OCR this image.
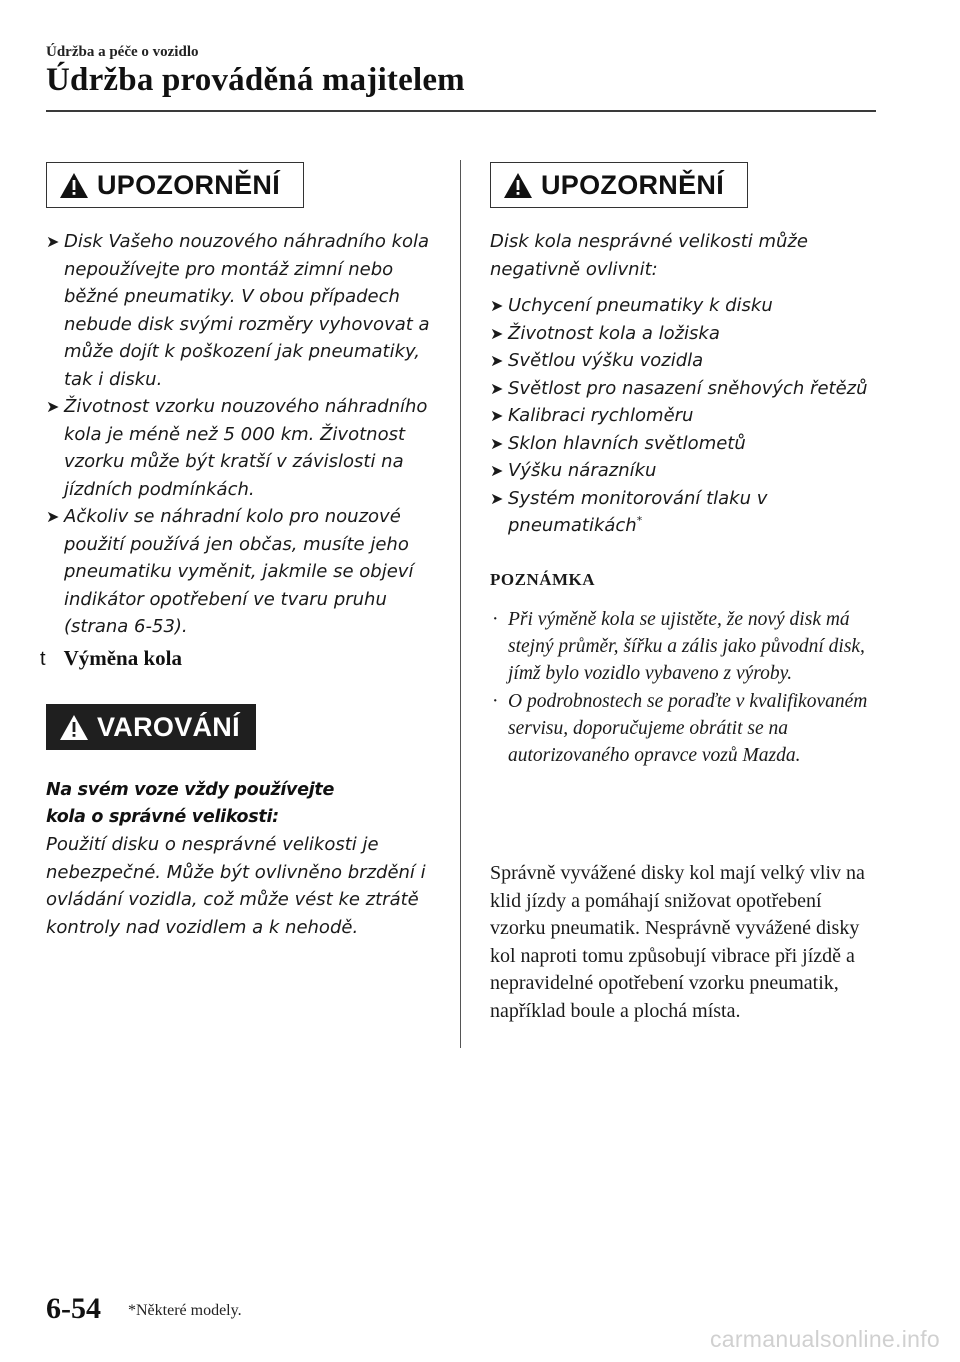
Údržba a péče o vozidlo
Údržba prováděná majitelem
UPOZORNĚNÍ
➤ Disk Vašeho nouzového náhradního kola nepoužívejte pro montáž zimní nebo běžné pneumatiky. V obou případech nebude disk svými rozměry vyhovovat a může dojít k poškození jak pneumatiky, tak i disku.
➤ Životnost vzorku nouzového náhradního kola je méně než 5 000 km. Životnost vzorku může být kratší v závislosti na jízdních podmínkách.
➤ Ačkoliv se náhradní kolo pro nouzové použití používá jen občas, musíte jeho pneumatiku vyměnit, jakmile se objeví indikátor opotřebení ve tvaru pruhu (strana 6-53).
t Výměna kola
VAROVÁNÍ
Na svém voze vždy používejte kola o správné velikosti:
Použití disku o nesprávné velikosti je nebezpečné. Může být ovlivněno brzdění i ovládání vozidla, což může vést ke ztrátě kontroly nad vozidlem a k nehodě.
UPOZORNĚNÍ
Disk kola nesprávné velikosti může negativně ovlivnit:
➤ Uchycení pneumatiky k disku
➤ Životnost kola a ložiska
➤ Světlou výšku vozidla
➤ Světlost pro nasazení sněhových řetězů
➤ Kalibraci rychloměru
➤ Sklon hlavních světlometů
➤ Výšku nárazníku
➤ Systém monitorování tlaku v pneumatikách*
POZNÁMKA
· Při výměně kola se ujistěte, že nový disk má stejný průměr, šířku a zális jako původní disk, jímž bylo vozidlo vybaveno z výroby.
· O podrobnostech se poraďte v kvalifikovaném servisu, doporučujeme obrátit se na autorizovaného opravce vozů Mazda.
Správně vyvážené disky kol mají velký vliv na klid jízdy a pomáhají snižovat opotřebení vzorku pneumatik. Nesprávně vyvážené disky kol naproti tomu způsobují vibrace při jízdě a nepravidelné opotřebení vzorku pneumatik, například boule a plochá místa.
6-54 *Některé modely.
carmanualsonline.info
